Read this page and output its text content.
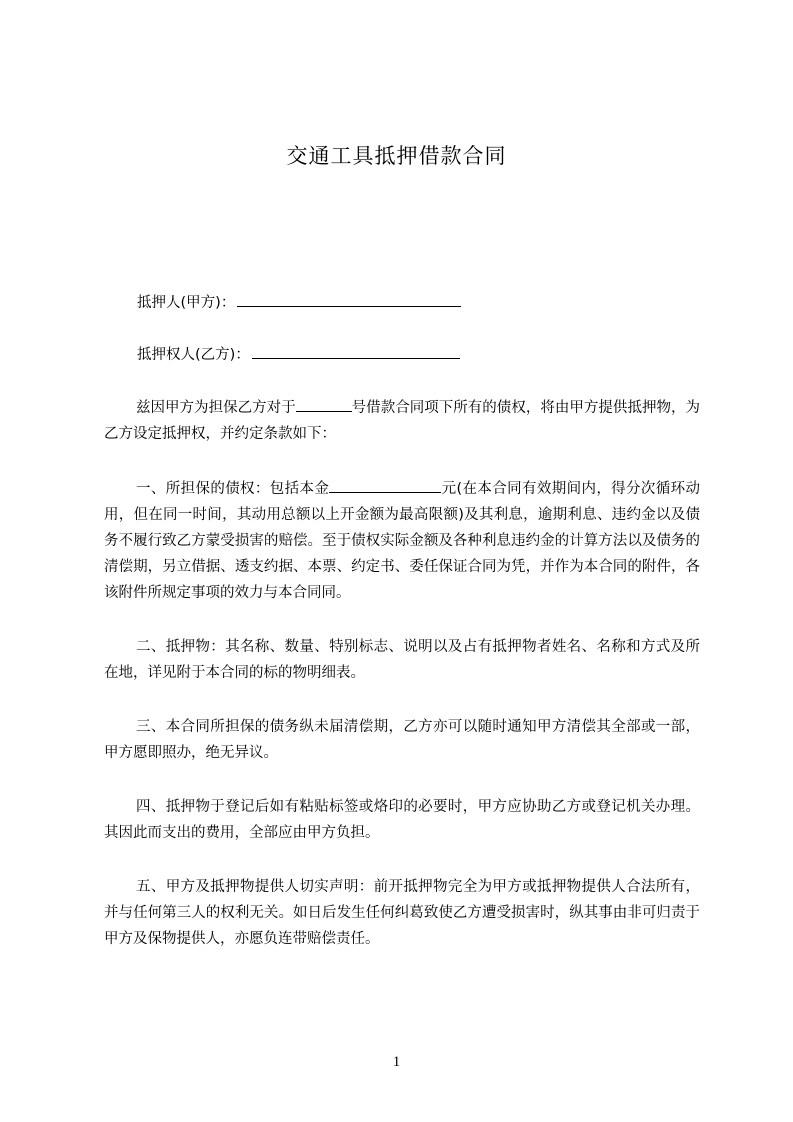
交通工具抵押借款合同
抵押人(甲方)：
抵押权人(乙方)：
兹因甲方为担保乙方对于	号借款合同项下所有的债权，将由甲方提供抵押物，为乙方设定抵押权，并约定条款如下：
一、所担保的债权：包括本金	元(在本合同有效期间内，得分次循环动用，但在同一时间，其动用总额以上开金额为最高限额)及其利息，逾期利息、违约金以及债务不履行致乙方蒙受损害的赔偿。至于债权实际金额及各种利息违约金的计算方法以及债务的清偿期，另立借据、透支约据、本票、约定书、委任保证合同为凭，并作为本合同的附件，各该附件所规定事项的效力与本合同同。
二、抵押物：其名称、数量、特别标志、说明以及占有抵押物者姓名、名称和方式及所在地，详见附于本合同的标的物明细表。
三、本合同所担保的债务纵未届清偿期，乙方亦可以随时通知甲方清偿其全部或一部，甲方愿即照办，绝无异议。
四、抵押物于登记后如有粘贴标签或烙印的必要时，甲方应协助乙方或登记机关办理。其因此而支出的费用，全部应由甲方负担。
五、甲方及抵押物提供人切实声明：前开抵押物完全为甲方或抵押物提供人合法所有，并与任何第三人的权利无关。如日后发生任何纠葛致使乙方遭受损害时，纵其事由非可归责于甲方及保物提供人，亦愿负连带赔偿责任。
1
